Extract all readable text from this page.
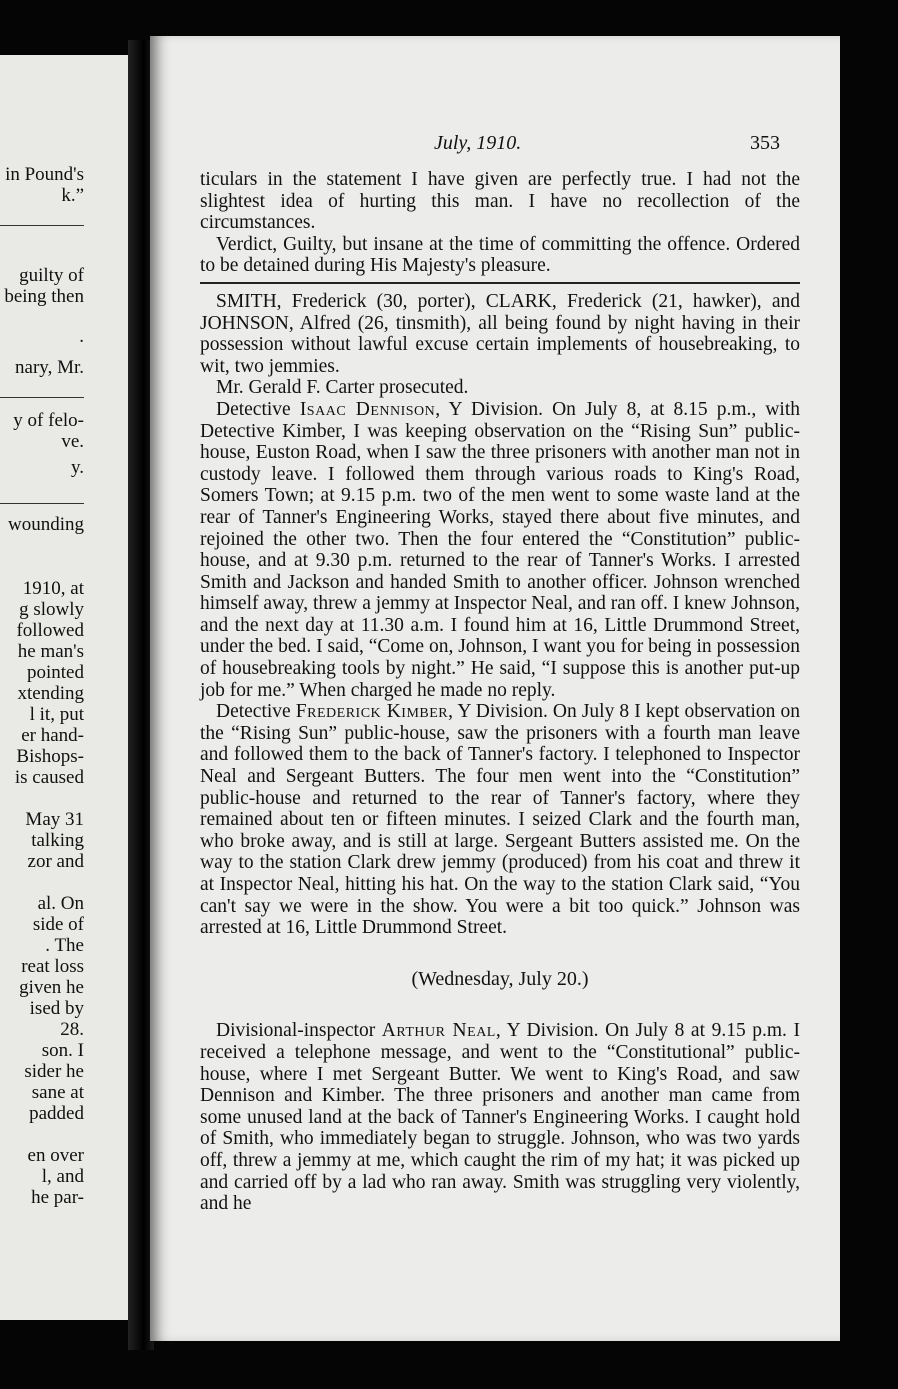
in Pound's
k.”
guilty of
being then
.
nary, Mr.
y of felo-
ve.
y.
wounding
1910, at
g slowly
followed
he man's
pointed
xtending
l it, put
er hand-
Bishops-
is caused
May 31
talking
zor and
al. On
side of
. The
reat loss
given he
ised by
28.
son. I
sider he
sane at
padded
en over
l, and
he par-
July, 1910.	353

ticulars in the statement I have given are perfectly true. I had not the slightest idea of hurting this man. I have no recollection of the circumstances.

Verdict, Guilty, but insane at the time of committing the offence. Ordered to be detained during His Majesty's pleasure.

SMITH, Frederick (30, porter), CLARK, Frederick (21, hawker), and JOHNSON, Alfred (26, tinsmith), all being found by night having in their possession without lawful excuse certain implements of housebreaking, to wit, two jemmies.

Mr. Gerald F. Carter prosecuted.

Detective Isaac Dennison, Y Division. On July 8, at 8.15 p.m., with Detective Kimber, I was keeping observation on the “Rising Sun” public-house, Euston Road, when I saw the three prisoners with another man not in custody leave. I followed them through various roads to King's Road, Somers Town; at 9.15 p.m. two of the men went to some waste land at the rear of Tanner's Engineering Works, stayed there about five minutes, and rejoined the other two. Then the four entered the “Constitution” public-house, and at 9.30 p.m. returned to the rear of Tanner's Works. I arrested Smith and Jackson and handed Smith to another officer. Johnson wrenched himself away, threw a jemmy at Inspector Neal, and ran off. I knew Johnson, and the next day at 11.30 a.m. I found him at 16, Little Drummond Street, under the bed. I said, “Come on, Johnson, I want you for being in possession of housebreaking tools by night.” He said, “I suppose this is another put-up job for me.” When charged he made no reply.

Detective Frederick Kimber, Y Division. On July 8 I kept observation on the “Rising Sun” public-house, saw the prisoners with a fourth man leave and followed them to the back of Tanner's factory. I telephoned to Inspector Neal and Sergeant Butters. The four men went into the “Constitution” public-house and returned to the rear of Tanner's factory, where they remained about ten or fifteen minutes. I seized Clark and the fourth man, who broke away, and is still at large. Sergeant Butters assisted me. On the way to the station Clark drew jemmy (produced) from his coat and threw it at Inspector Neal, hitting his hat. On the way to the station Clark said, “You can't say we were in the show. You were a bit too quick.” Johnson was arrested at 16, Little Drummond Street.

(Wednesday, July 20.)

Divisional-inspector Arthur Neal, Y Division. On July 8 at 9.15 p.m. I received a telephone message, and went to the “Constitutional” public-house, where I met Sergeant Butter. We went to King's Road, and saw Dennison and Kimber. The three prisoners and another man came from some unused land at the back of Tanner's Engineering Works. I caught hold of Smith, who immediately began to struggle. Johnson, who was two yards off, threw a jemmy at me, which caught the rim of my hat; it was picked up and carried off by a lad who ran away. Smith was struggling very violently, and he
